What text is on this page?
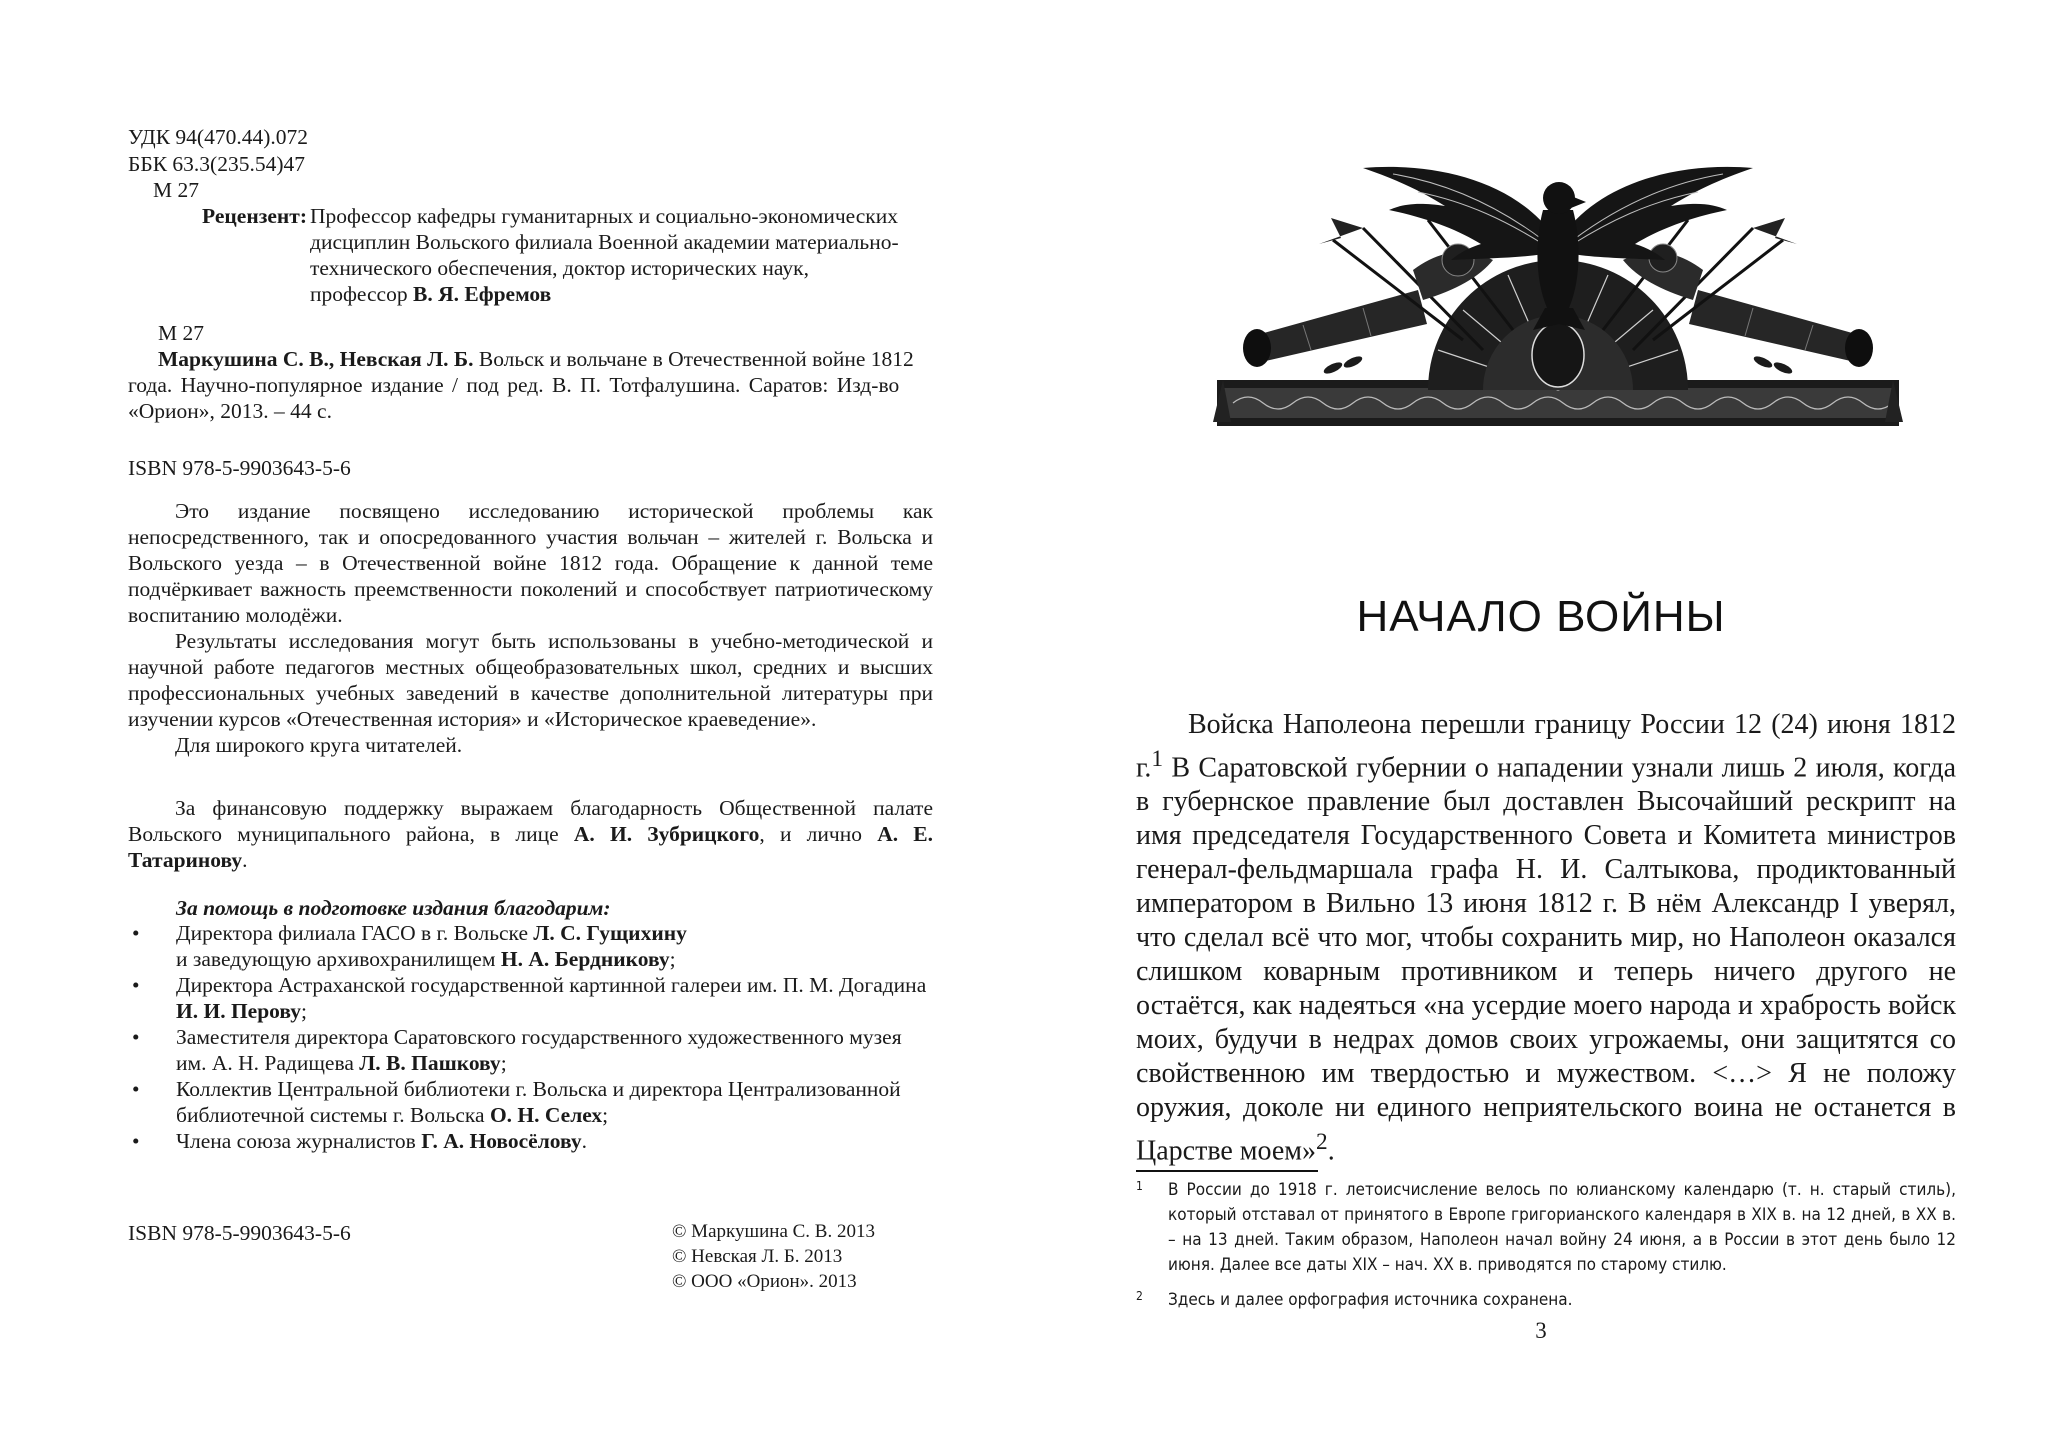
УДК 94(470.44).072
ББК 63.3(235.54)47
М 27
Рецензент: Профессор кафедры гуманитарных и социально-экономических дисциплин Вольского филиала Военной академии материально-технического обеспечения, доктор исторических наук, профессор В. Я. Ефремов
М 27
Маркушина С. В., Невская Л. Б. Вольск и вольчане в Отечественной войне 1812
года. Научно-популярное издание / под ред. В. П. Тотфалушина. Саратов: Изд-во
«Орион», 2013. – 44 с.
ISBN 978-5-9903643-5-6

Это издание посвящено исследованию исторической проблемы как непосредственного, так и опосредованного участия вольчан – жителей г. Вольска и Вольского уезда – в Отечественной войне 1812 года. Обращение к данной теме подчёркивает важность преемственности поколений и способствует патриотическому воспитанию молодёжи.

Результаты исследования могут быть использованы в учебно-методической и научной работе педагогов местных общеобразовательных школ, средних и высших профессиональных учебных заведений в качестве дополнительной литературы при изучении курсов «Отечественная история» и «Историческое краеведение».

Для широкого круга читателей.

За финансовую поддержку выражаем благодарность Общественной палате Вольского муниципального района, в лице А. И. Зубрицкого, и лично А. Е. Татаринову.
За помощь в подготовке издания благодарим:
• Директора филиала ГАСО в г. Вольске Л. С. Гущихину
и заведующую архивохранилищем Н. А. Бердникову;
• Директора Астраханской государственной картинной галереи им. П. М. Догадина И. И. Перову;
• Заместителя директора Саратовского государственного художественного музея им. А. Н. Радищева Л. В. Пашкову;
• Коллектив Центральной библиотеки г. Вольска и директора Централизованной библиотечной системы г. Вольска О. Н. Селех;
• Члена союза журналистов Г. А. Новосёлову.
ISBN 978-5-9903643-5-6	© Маркушина С. В. 2013
© Невская Л. Б. 2013
© ООО «Орион». 2013
НАЧАЛО ВОЙНЫ

Войска Наполеона перешли границу России 12 (24) июня 1812 г.$^1$ В Саратовской губернии о нападении узнали лишь 2 июля, когда в губернское правление был доставлен Высочайший рескрипт на имя председателя Государственного Совета и Комитета министров генерал-фельдмаршала графа Н. И. Салтыкова, продиктованный императором в Вильно 13 июня 1812 г. В нём Александр I уверял, что сделал всё что мог, чтобы сохранить мир, но Наполеон оказался слишком коварным противником и теперь ничего другого не остаётся, как надеяться «на усердие моего народа и храбрость войск моих, будучи в недрах домов своих угрожаемы, они защитятся со свойственною им твердостью и мужеством. <…> Я не положу оружия, доколе ни единого неприятельского воина не останется в Царстве моем»$^2$.

1 В России до 1918 г. летоисчисление велось по юлианскому календарю (т. н. старый стиль), который отставал от принятого в Европе григорианского календаря в XIX в. на 12 дней, в XX в. – на 13 дней. Таким образом, Наполеон начал войну 24 июня, а в России в этот день было 12 июня. Далее все даты XIX – нач. XX в. приводятся по старому стилю.
2 Здесь и далее орфография источника сохранена.
3
